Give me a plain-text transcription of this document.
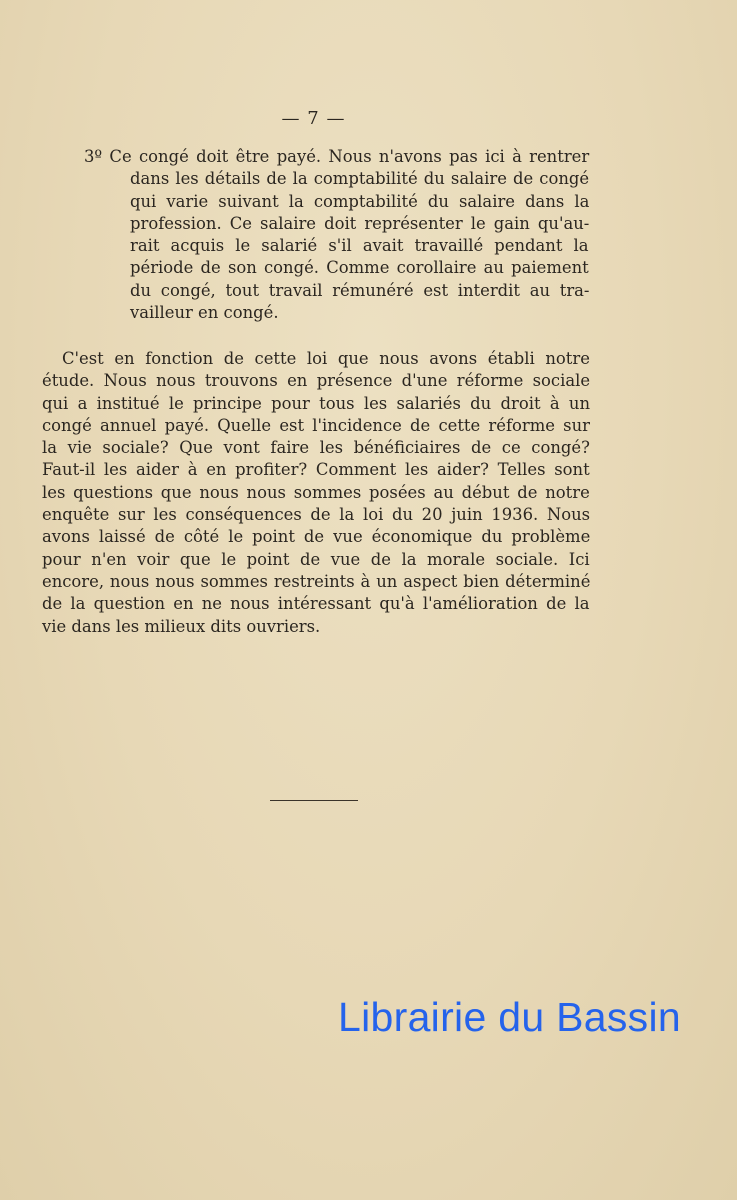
— 7 —
3º Ce congé doit être payé. Nous n'avons pas ici à rentrer
dans les détails de la comptabilité du salaire de congé
qui varie suivant la comptabilité du salaire dans la
profession. Ce salaire doit représenter le gain qu'au-
rait acquis le salarié s'il avait travaillé pendant la
période de son congé. Comme corollaire au paiement
du congé, tout travail rémunéré est interdit au tra-
vailleur en congé.
C'est en fonction de cette loi que nous avons établi notre
étude. Nous nous trouvons en présence d'une réforme sociale
qui a institué le principe pour tous les salariés du droit à un
congé annuel payé. Quelle est l'incidence de cette réforme sur
la vie sociale? Que vont faire les bénéficiaires de ce congé?
Faut-il les aider à en profiter? Comment les aider? Telles sont
les questions que nous nous sommes posées au début de notre
enquête sur les conséquences de la loi du 20 juin 1936. Nous
avons laissé de côté le point de vue économique du problème
pour n'en voir que le point de vue de la morale sociale. Ici
encore, nous nous sommes restreints à un aspect bien déterminé
de la question en ne nous intéressant qu'à l'amélioration de la
vie dans les milieux dits ouvriers.
Librairie du Bassin
